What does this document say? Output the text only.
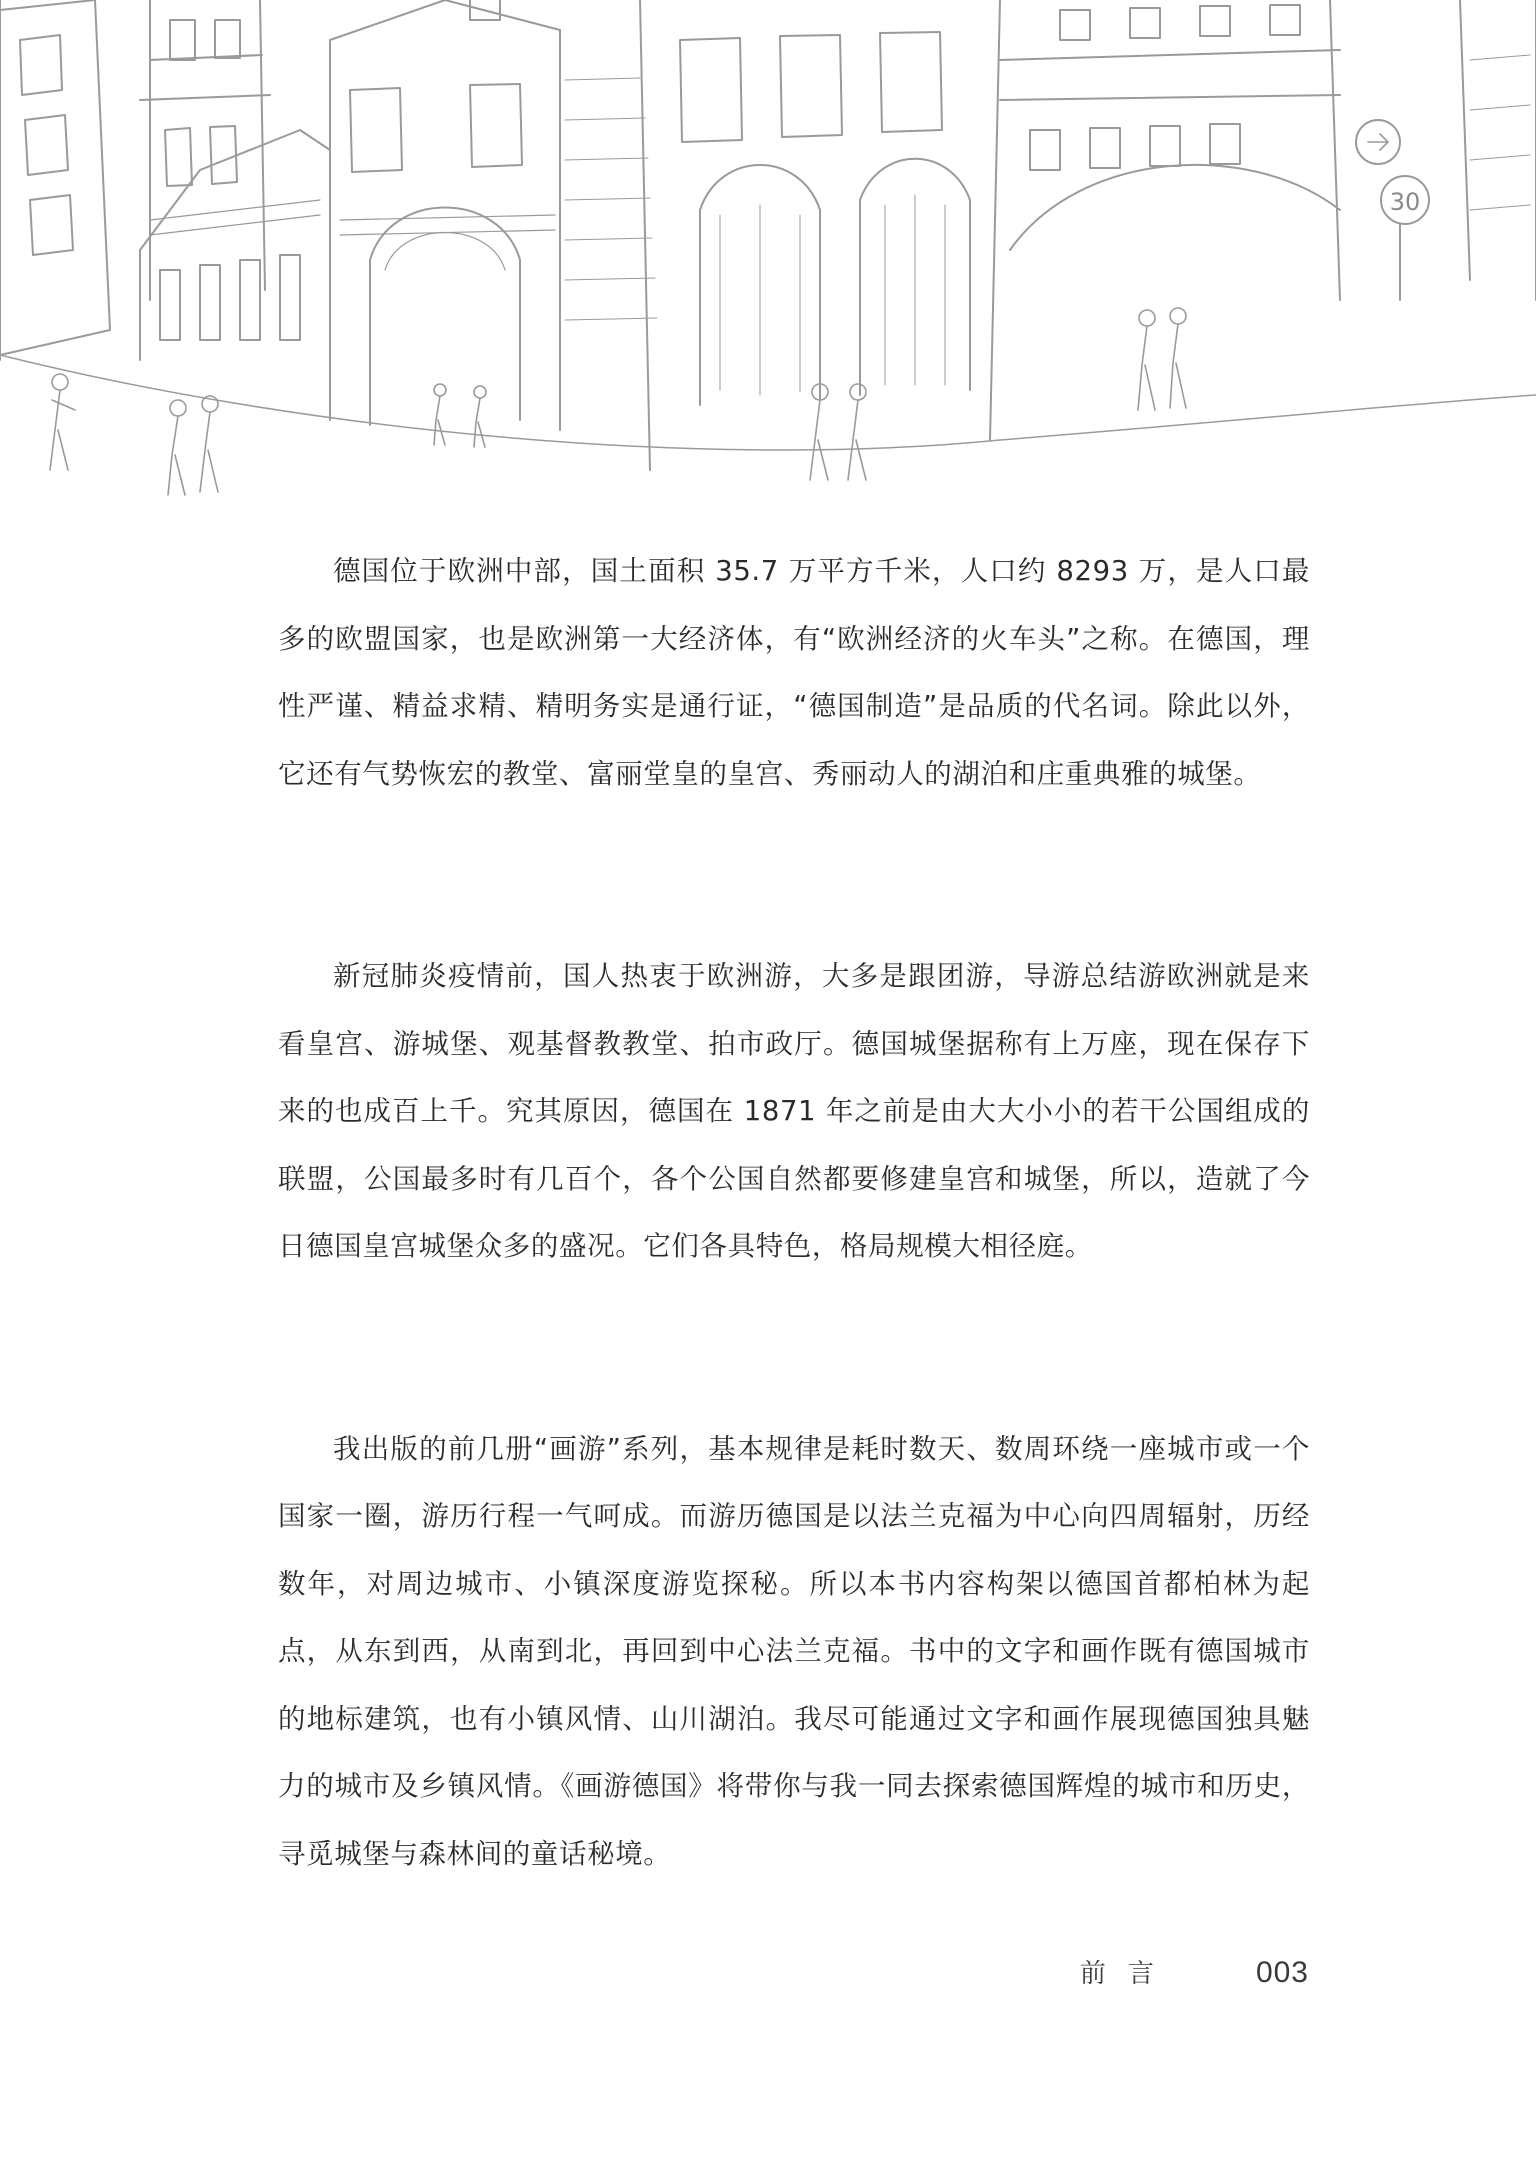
30

德国位于欧洲中部，国土面积 35.7 万平方千米，人口约 8293 万，是人口最多的欧盟国家，也是欧洲第一大经济体，有“欧洲经济的火车头”之称。在德国，理性严谨、精益求精、精明务实是通行证，“德国制造”是品质的代名词。除此以外，它还有气势恢宏的教堂、富丽堂皇的皇宫、秀丽动人的湖泊和庄重典雅的城堡。

新冠肺炎疫情前，国人热衷于欧洲游，大多是跟团游，导游总结游欧洲就是来看皇宫、游城堡、观基督教教堂、拍市政厅。德国城堡据称有上万座，现在保存下来的也成百上千。究其原因，德国在 1871 年之前是由大大小小的若干公国组成的联盟，公国最多时有几百个，各个公国自然都要修建皇宫和城堡，所以，造就了今日德国皇宫城堡众多的盛况。它们各具特色，格局规模大相径庭。

我出版的前几册“画游”系列，基本规律是耗时数天、数周环绕一座城市或一个国家一圈，游历行程一气呵成。而游历德国是以法兰克福为中心向四周辐射，历经数年，对周边城市、小镇深度游览探秘。所以本书内容构架以德国首都柏林为起点，从东到西，从南到北，再回到中心法兰克福。书中的文字和画作既有德国城市的地标建筑，也有小镇风情、山川湖泊。我尽可能通过文字和画作展现德国独具魅力的城市及乡镇风情。《画游德国》将带你与我一同去探索德国辉煌的城市和历史，寻觅城堡与森林间的童话秘境。

前言	003
